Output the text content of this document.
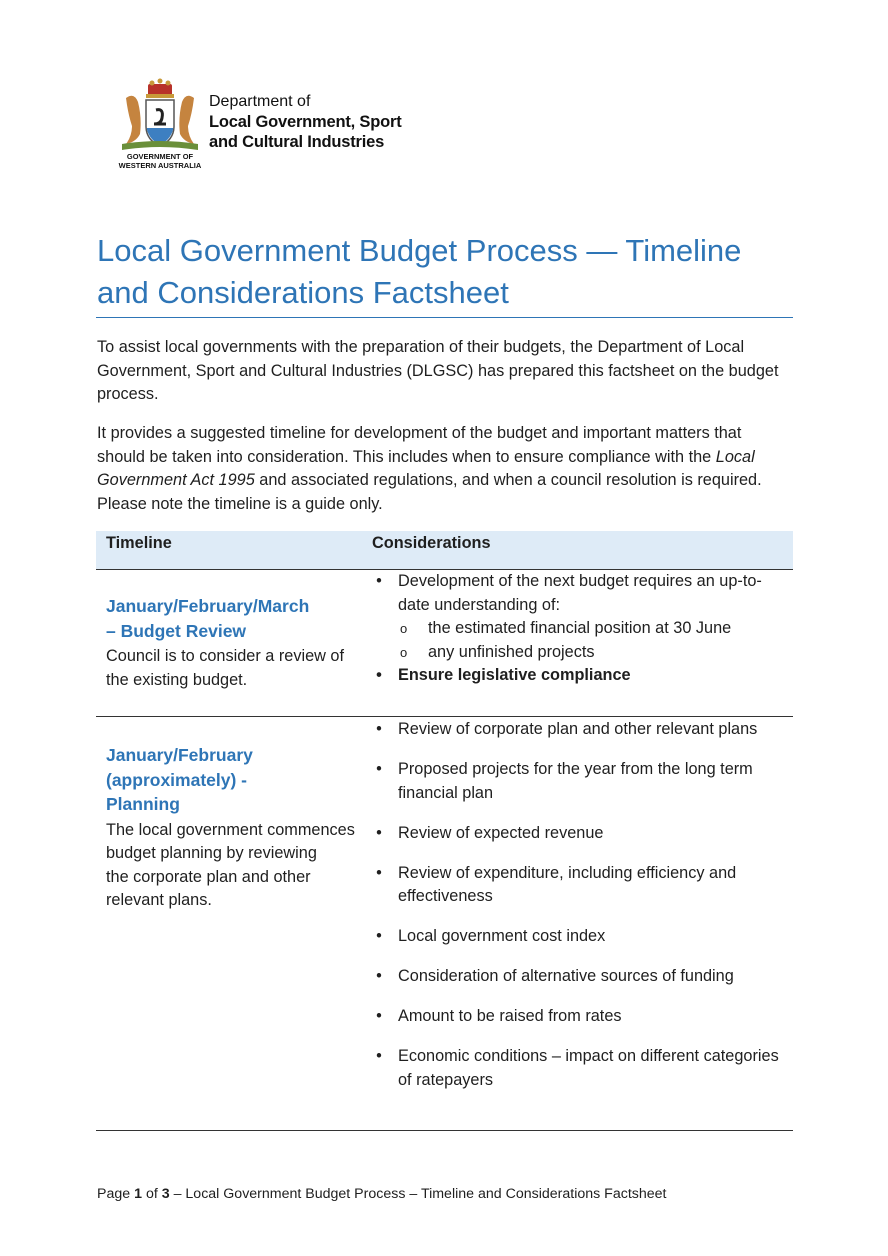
GOVERNMENT OF
WESTERN AUSTRALIA
Department of
Local Government, Sport
and Cultural Industries
Local Government Budget Process — Timeline
and Considerations Factsheet

To assist local governments with the preparation of their budgets, the Department of Local Government, Sport and Cultural Industries (DLGSC) has prepared this factsheet on the budget process.

It provides a suggested timeline for development of the budget and important matters that should be taken into consideration. This includes when to ensure compliance with the Local Government Act 1995 and associated regulations, and when a council resolution is required. Please note the timeline is a guide only.

Timeline	Considerations

January/February/March
– Budget Review

Council is to consider a review of the existing budget.

• Development of the next budget requires an up-to-date understanding of:
o the estimated financial position at 30 June
o any unfinished projects
• Ensure legislative compliance

January/February
(approximately) -
Planning

The local government commences budget planning by reviewing
the corporate plan and other relevant plans.

• Review of corporate plan and other relevant plans
• Proposed projects for the year from the long term financial plan
• Review of expected revenue
• Review of expenditure, including efficiency and effectiveness
• Local government cost index
• Consideration of alternative sources of funding
• Amount to be raised from rates
• Economic conditions – impact on different categories of ratepayers
Page 1 of 3 – Local Government Budget Process – Timeline and Considerations Factsheet
